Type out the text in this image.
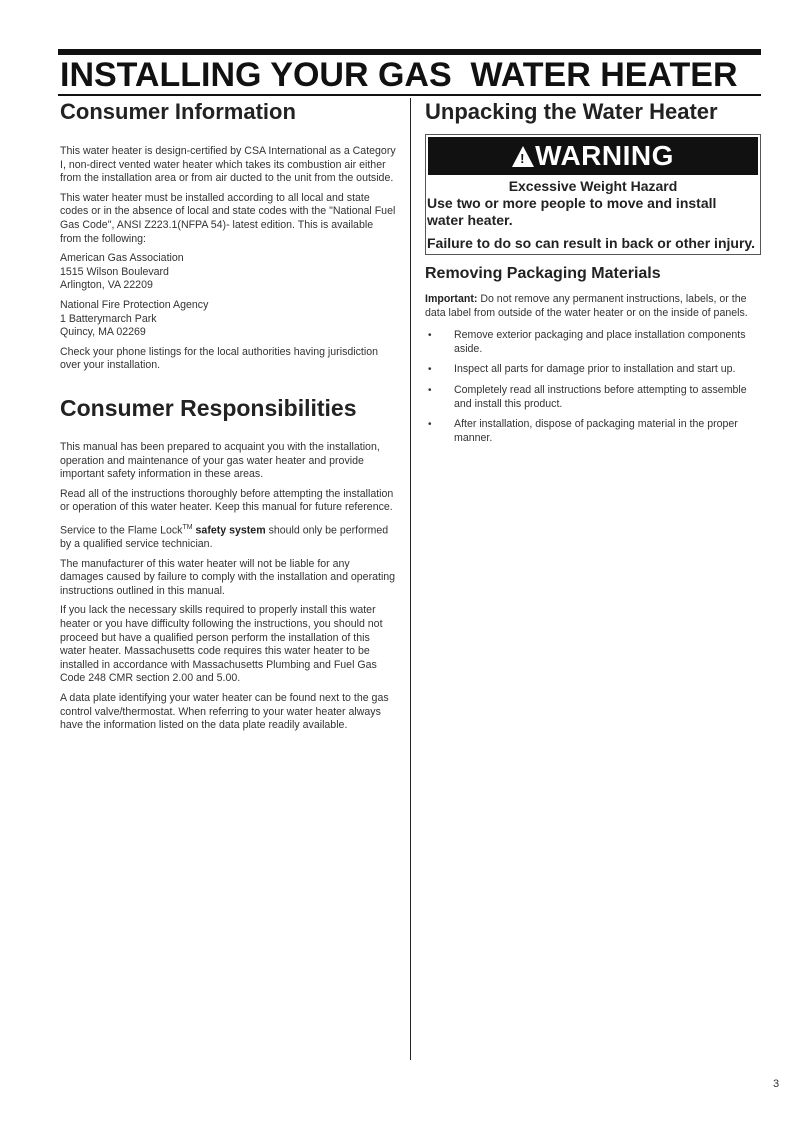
INSTALLING YOUR GAS  WATER HEATER
Consumer Information

This water heater is design-certified by CSA International as a Category I, non-direct vented water heater which takes its combustion air either from the installation area or from air ducted to the unit from the outside.

This water heater must be installed according to all local and state codes or in the absence of local and state codes with the "National Fuel Gas Code", ANSI Z223.1(NFPA 54)- latest edition. This is available from the following:

American Gas Association
1515 Wilson Boulevard
Arlington, VA 22209

National Fire Protection Agency
1 Batterymarch Park
Quincy, MA 02269

Check your phone listings for the local authorities having jurisdiction over your installation.

Consumer Responsibilities

This manual has been prepared to acquaint you with the installation, operation and maintenance of your gas water heater and provide important safety information in these areas.

Read all of the instructions thoroughly before attempting the installation or operation of this water heater. Keep this manual for future reference.

Service to the Flame Lock™ safety system should only be performed by a qualified service technician.

The manufacturer of this water heater will not be liable for any damages caused by failure to comply with the installation and operating instructions outlined in this manual.

If you lack the necessary skills required to properly install this water heater or you have difficulty following the instructions, you should not proceed but have a qualified person perform the installation of this water heater. Massachusetts code requires this water heater to be installed in accordance with Massachusetts Plumbing and Fuel Gas Code 248 CMR section 2.00 and 5.00.

A data plate identifying your water heater can be found next to the gas control valve/thermostat. When referring to your water heater always have the information listed on the data plate readily available.

Unpacking the Water Heater
! WARNING
Excessive Weight Hazard
Use two or more people to move and install  water heater.
Failure to do so can result in back or other injury.
Removing Packaging Materials

Important: Do not remove any permanent instructions, labels, or the data label from outside of the water heater or on the inside of panels.

• Remove exterior packaging and place installation components aside.
• Inspect all parts for damage prior to installation and start up.
• Completely read all instructions before attempting to assemble and install this product.
• After installation, dispose of packaging material in the proper manner.
3
